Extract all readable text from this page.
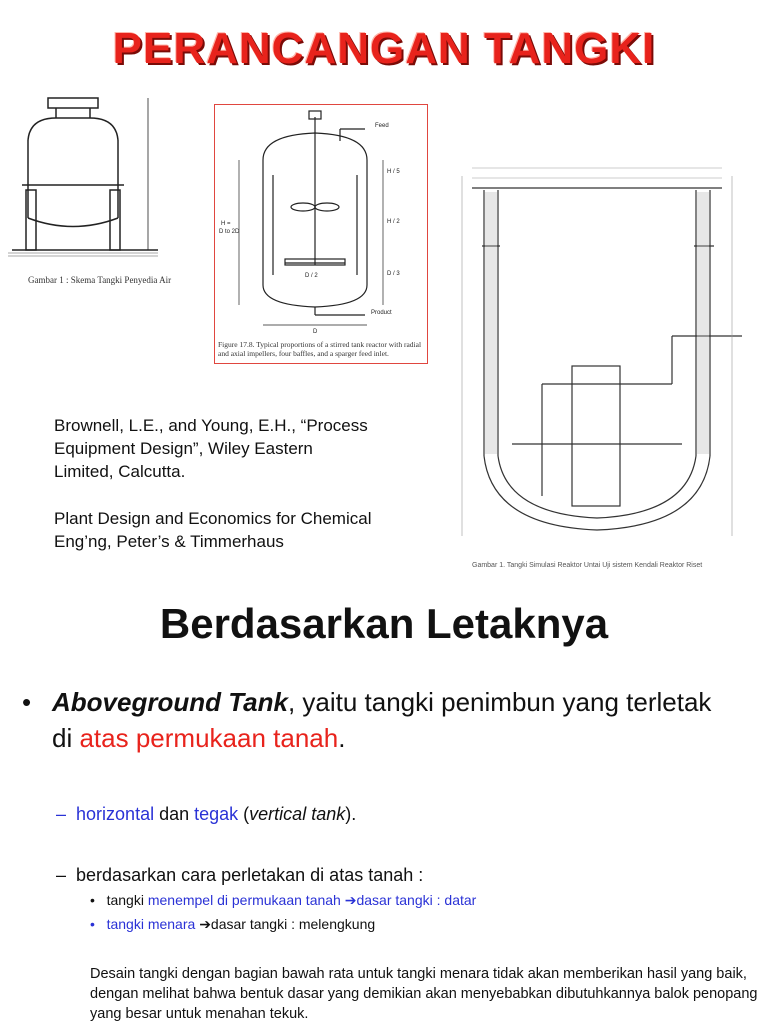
PERANCANGAN TANGKI
Gambar 1 : Skema Tangki Penyedia Air
Feed
Product
H / 5
H / 2
D / 3
D / 2
D
H =
D to 2D
Figure 17.8. Typical proportions of a stirred tank reactor with radial and axial impellers, four baffles, and a sparger feed inlet.
Gambar 1. Tangki Simulasi Reaktor Untai Uji sistem Kendali Reaktor Riset
Brownell, L.E., and Young, E.H., “Process
Equipment Design”, Wiley Eastern
Limited, Calcutta.
Plant Design and Economics for Chemical
Eng’ng, Peter’s & Timmerhaus
Berdasarkan Letaknya
• Aboveground Tank, yaitu tangki penimbun yang terletak di atas permukaan tanah.
– horizontal dan tegak (vertical tank).
– berdasarkan cara perletakan di atas tanah :
• tangki menempel di permukaan tanah ➔dasar tangki : datar
• tangki menara ➔dasar tangki : melengkung
Desain tangki dengan bagian bawah rata untuk tangki menara tidak akan memberikan hasil yang baik, dengan melihat bahwa bentuk dasar yang demikian akan menyebabkan dibutuhkannya balok penopang yang besar untuk menahan tekuk.
